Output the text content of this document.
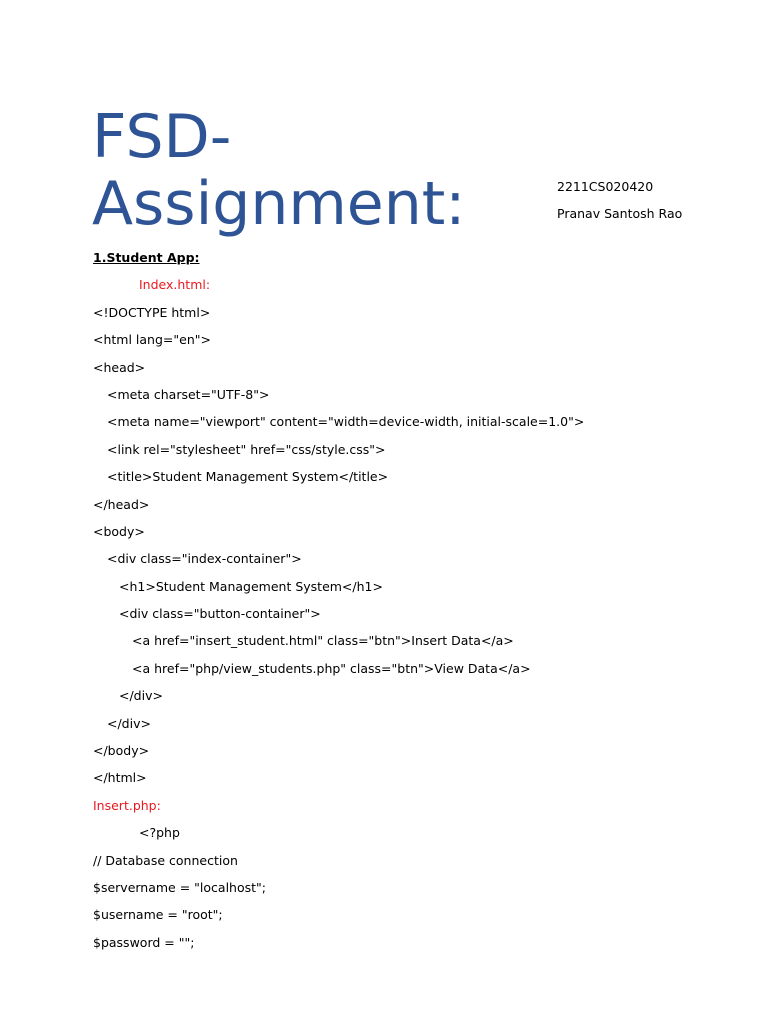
FSD-
Assignment:	2211CS020420
Pranav Santosh Rao
1.Student App:
Index.html:
<!DOCTYPE html>
<html lang="en">
<head>
<meta charset="UTF-8">
<meta name="viewport" content="width=device-width, initial-scale=1.0">
<link rel="stylesheet" href="css/style.css">
<title>Student Management System</title>
</head>
<body>
<div class="index-container">
<h1>Student Management System</h1>
<div class="button-container">
<a href="insert_student.html" class="btn">Insert Data</a>
<a href="php/view_students.php" class="btn">View Data</a>
</div>
</div>
</body>
</html>
Insert.php:
<?php
// Database connection
$servername = "localhost";
$username = "root";
$password = "";
